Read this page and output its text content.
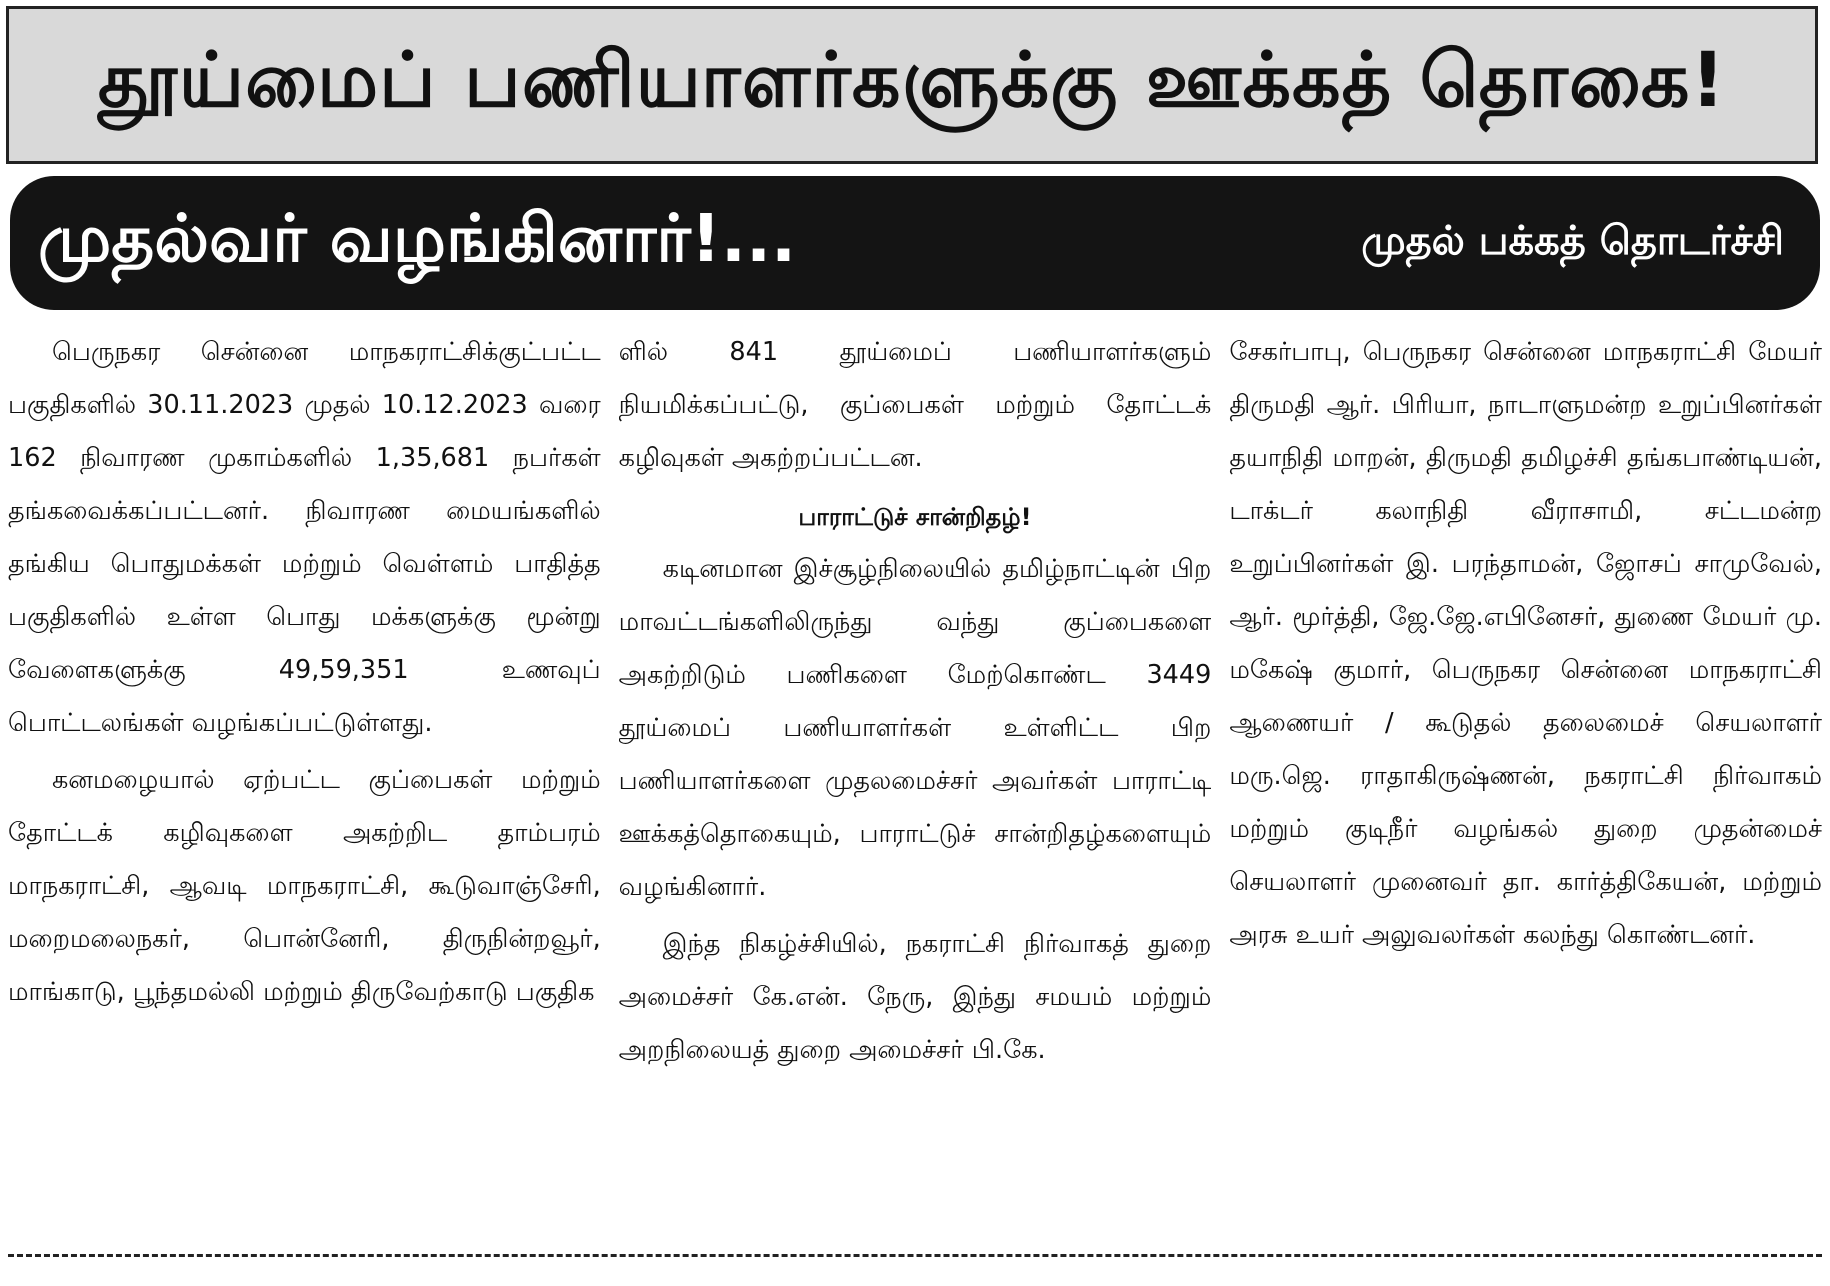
தூய்மைப் பணியாளர்களுக்கு ஊக்கத் தொகை!
முதல்வர் வழங்கினார்!...	முதல் பக்கத் தொடர்ச்சி

பெருநகர சென்னை மாநகராட்சிக்குட்பட்ட பகுதிகளில் 30.11.2023 முதல் 10.12.2023 வரை 162 நிவாரண முகாம்களில் 1,35,681 நபர்கள் தங்கவைக்கப்பட்டனர். நிவாரண மையங்களில் தங்கிய பொதுமக்கள் மற்றும் வெள்ளம் பாதித்த பகுதிகளில் உள்ள பொது மக்களுக்கு மூன்று வேளைகளுக்கு 49,59,351 உணவுப் பொட்டலங்கள் வழங்கப்பட்டுள்ளது.

கனமழையால் ஏற்பட்ட குப்பைகள் மற்றும் தோட்டக் கழிவுகளை அகற்றிட தாம்பரம் மாநகராட்சி, ஆவடி மாநகராட்சி, கூடுவாஞ்சேரி, மறைமலைநகர், பொன்னேரி, திருநின்றவூர், மாங்காடு, பூந்தமல்லி மற்றும் திருவேற்காடு பகுதிக

ளில் 841 தூய்மைப் பணியாளர்களும் நியமிக்கப்பட்டு, குப்பைகள் மற்றும் தோட்டக் கழிவுகள் அகற்றப்பட்டன.

பாராட்டுச் சான்றிதழ்!

கடினமான இச்சூழ்நிலையில் தமிழ்நாட்டின் பிற மாவட்டங்களிலிருந்து வந்து குப்பைகளை அகற்றிடும் பணிகளை மேற்கொண்ட 3449 தூய்மைப் பணியாளர்கள் உள்ளிட்ட பிற பணியாளர்களை முதலமைச்சர் அவர்கள் பாராட்டி ஊக்கத்தொகையும், பாராட்டுச் சான்றிதழ்களையும் வழங்கினார்.

இந்த நிகழ்ச்சியில், நகராட்சி நிர்வாகத் துறை அமைச்சர் கே.என். நேரு, இந்து சமயம் மற்றும் அறநிலையத் துறை அமைச்சர் பி.கே.

சேகர்பாபு, பெருநகர சென்னை மாநகராட்சி மேயர் திருமதி ஆர். பிரியா, நாடாளுமன்ற உறுப்பினர்கள் தயாநிதி மாறன், திருமதி தமிழச்சி தங்கபாண்டியன், டாக்டர் கலாநிதி வீராசாமி, சட்டமன்ற உறுப்பினர்கள் இ. பரந்தாமன், ஜோசப் சாமுவேல், ஆர். மூர்த்தி, ஜே.ஜே.எபினேசர், துணை மேயர் மு. மகேஷ் குமார், பெருநகர சென்னை மாநகராட்சி ஆணையர் / கூடுதல் தலைமைச் செயலாளர் மரு.ஜெ. ராதாகிருஷ்ணன், நகராட்சி நிர்வாகம் மற்றும் குடிநீர் வழங்கல் துறை முதன்மைச் செயலாளர் முனைவர் தா. கார்த்திகேயன், மற்றும் அரசு உயர் அலுவலர்கள் கலந்து கொண்டனர்.
